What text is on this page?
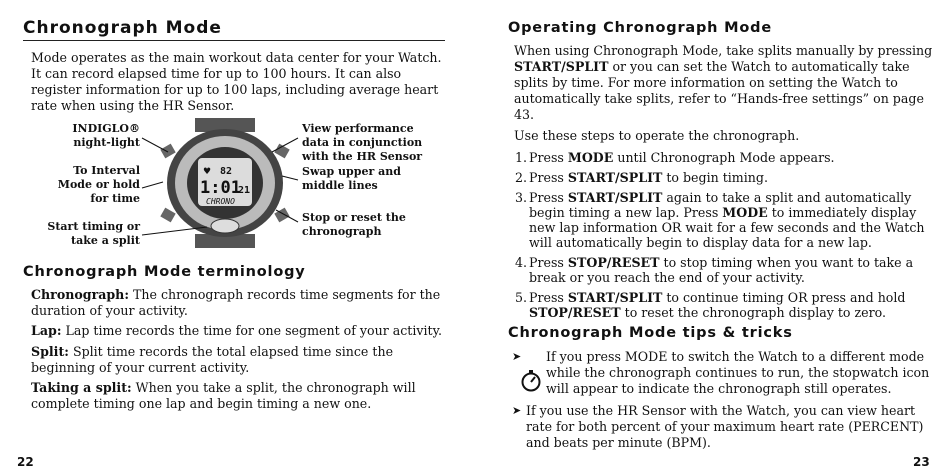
Chronograph Mode

Mode operates as the main workout data center for your Watch. It can record elapsed time for up to 100 hours. It can also register information for up to 100 laps, including average heart rate when using the HR Sensor.

82
1:01
21
CHRONO
♥
INDIGLO® night-light
To Interval Mode or hold for time
Start timing or take a split
View performance data in conjunction with the HR Sensor
Swap upper and middle lines
Stop or reset the chronograph
Chronograph Mode terminology

Chronograph: The chronograph records time segments for the duration of your activity.

Lap: Lap time records the time for one segment of your activity.

Split: Split time records the total elapsed time since the beginning of your current activity.

Taking a split: When you take a split, the chronograph will complete timing one lap and begin timing a new one.

22
Operating Chronograph Mode

When using Chronograph Mode, take splits manually by pressing START/SPLIT or you can set the Watch to automatically take splits by time. For more information on setting the Watch to automatically take splits, refer to “Hands-free settings” on page 43.

Use these steps to operate the chronograph.

1. Press MODE until Chronograph Mode appears.
2. Press START/SPLIT to begin timing.
3. Press START/SPLIT again to take a split and automatically begin timing a new lap. Press MODE to immediately display new lap information OR wait for a few seconds and the Watch will automatically begin to display data for a new lap.
4. Press STOP/RESET to stop timing when you want to take a break or you reach the end of your activity.
5. Press START/SPLIT to continue timing OR press and hold STOP/RESET to reset the chronograph display to zero.
Chronograph Mode tips & tricks
➤	If you press MODE to switch the Watch to a different mode while the chronograph continues to run, the stopwatch icon will appear to indicate the chronograph still operates.
➤ If you use the HR Sensor with the Watch, you can view heart rate for both percent of your maximum heart rate (PERCENT) and beats per minute (BPM).
23
